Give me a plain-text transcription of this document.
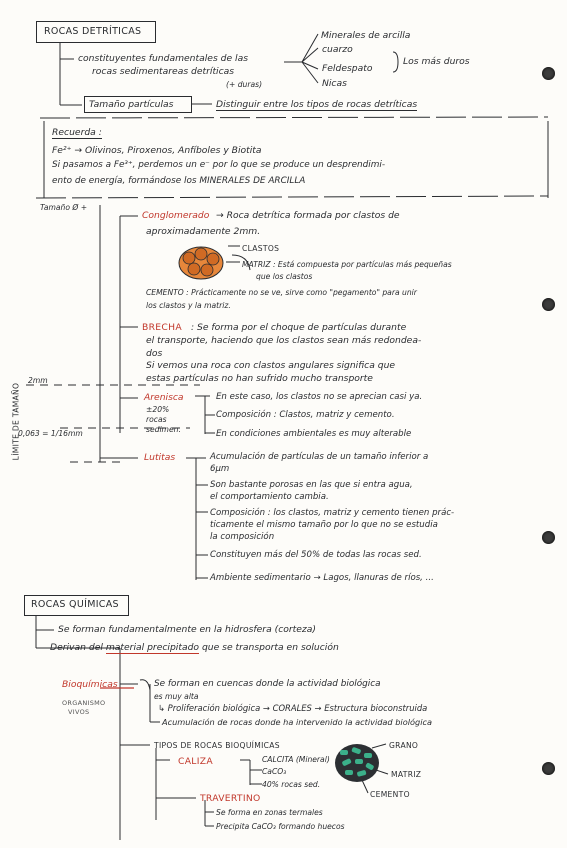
ROCAS DETRÍTICAS
constituyentes fundamentales de las
rocas sedimentareas detríticas
(+ duras)
Minerales de arcilla
cuarzo
Feldespato
Nicas
Los más duros
Tamaño partículas	Distinguir entre los tipos de rocas detríticas
Recuerda :
Fe²⁺ → Olivinos, Piroxenos, Anfíboles y Biotita
Si pasamos a Fe³⁺, perdemos un e⁻ por lo que se produce un desprendimi-
ento de energía, formándose los MINERALES DE ARCILLA
Tamaño Ø +
LÍMITE DE TAMAÑO
2mm
0,063 = 1/16mm
Conglomerado → Roca detrítica formada por clastos de
aproximadamente 2mm.
CLASTOS
MATRIZ : Está compuesta por partículas más pequeñas
que los clastos
CEMENTO : Prácticamente no se ve, sirve como "pegamento" para unir
los clastos y la matriz.
BRECHA : Se forma por el choque de partículas durante
el transporte, haciendo que los clastos sean más redondea-
dos
Si vemos una roca con clastos angulares significa que
estas partículas no han sufrido mucho transporte
Arenisca
±20%
rocas
sedimen.
En este caso, los clastos no se aprecian casi ya.
Composición : Clastos, matriz y cemento.
En condiciones ambientales es muy alterable
Lutitas	Acumulación de partículas de un tamaño inferior a
6µm
Son bastante porosas en las que si entra agua,
el comportamiento cambia.
Composición : los clastos, matriz y cemento tienen prác-
ticamente el mismo tamaño por lo que no se estudia
la composición
Constituyen más del 50% de todas las rocas sed.
Ambiente sedimentario → Lagos, llanuras de ríos, ...
ROCAS QUÍMICAS
Se forman fundamentalmente en la hidrosfera (corteza)
Derivan del material precipitado que se transporta en solución
Bioquímicas
ORGANISMO
VIVOS
Se forman en cuencas donde la actividad biológica
es muy alta
↳ Proliferación biológica → CORALES → Estructura bioconstruida
Acumulación de rocas donde ha intervenido la actividad biológica
TIPOS DE ROCAS BIOQUÍMICAS
CALIZA	CALCITA (Mineral)
CaCO₃
40% rocas sed.
TRAVERTINO
Se forma en zonas termales
Precipita CaCO₃ formando huecos
GRANO
MATRIZ
CEMENTO
